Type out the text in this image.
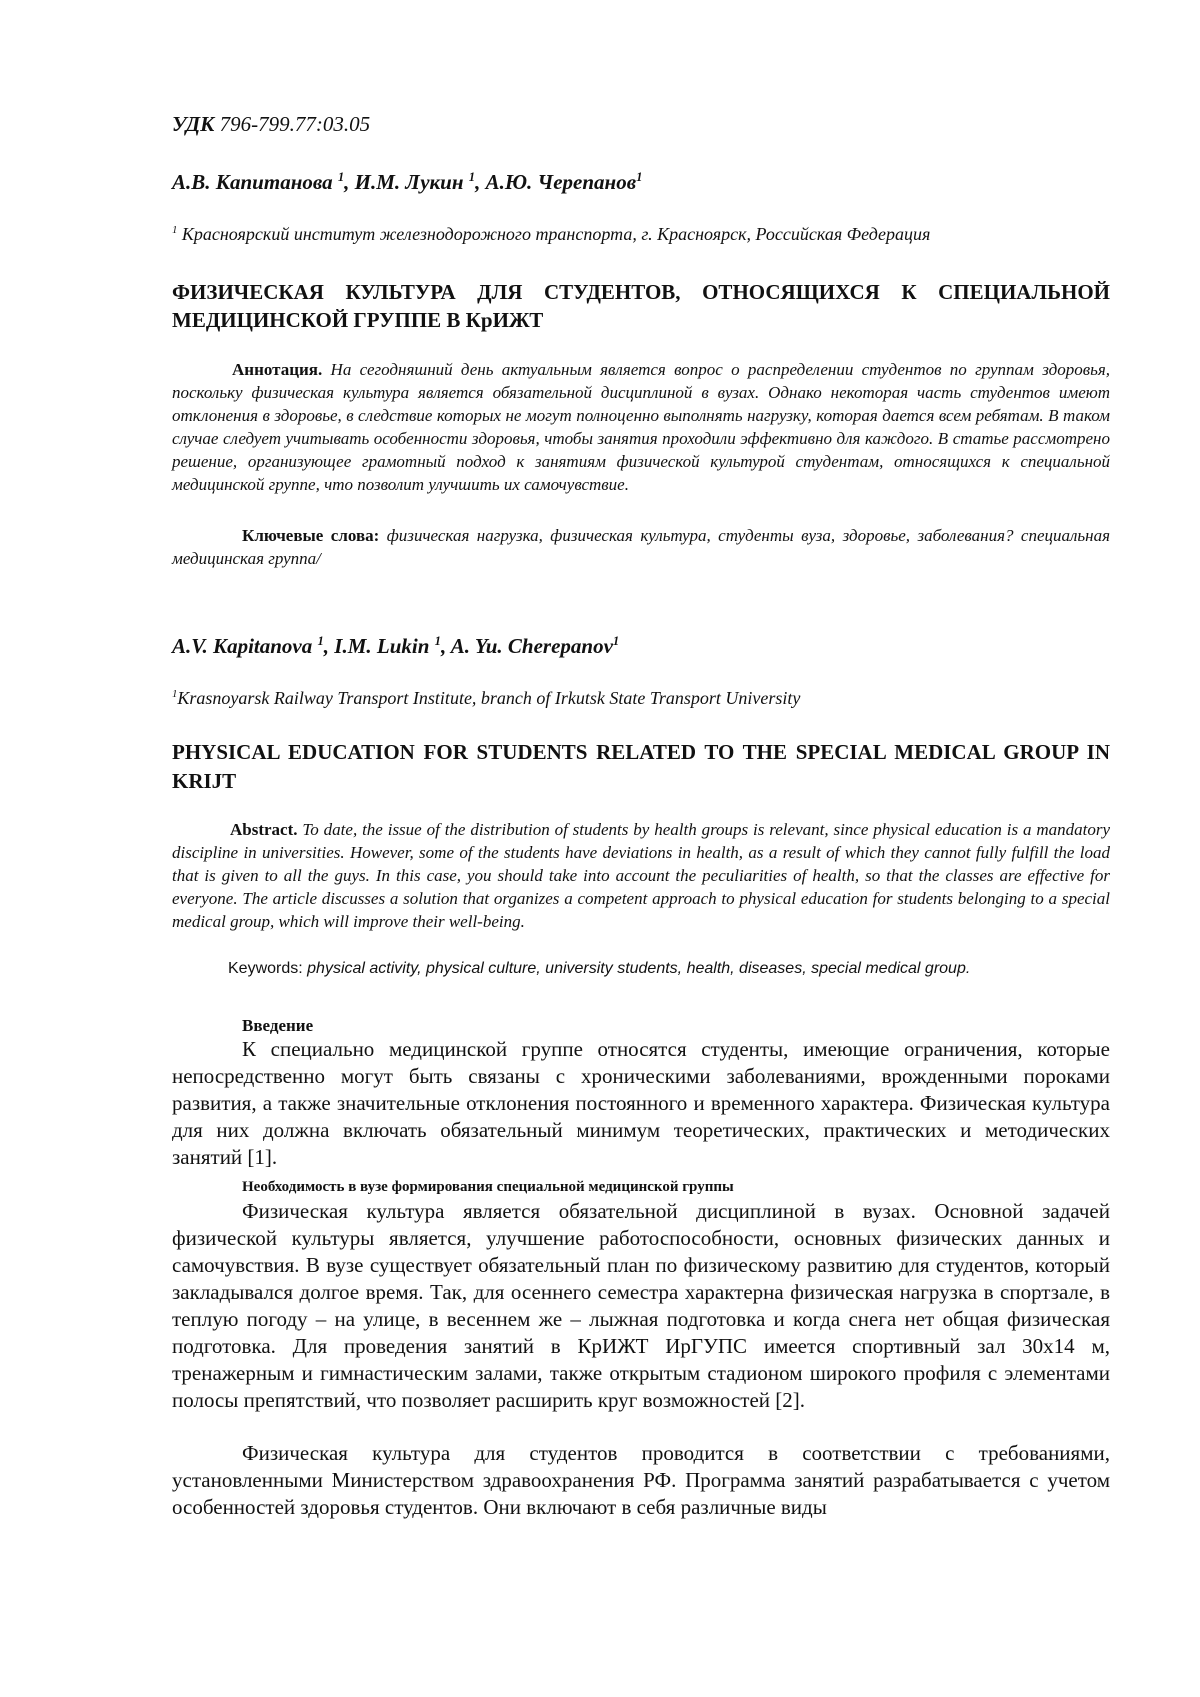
УДК 796-799.77:03.05
А.В. Капитанова $^1$, И.М. Лукин $^1$, А.Ю. Черепанов$^1$
$^1$ Красноярский институт железнодорожного транспорта, г. Красноярск, Российская Федерация
ФИЗИЧЕСКАЯ КУЛЬТУРА ДЛЯ СТУДЕНТОВ, ОТНОСЯЩИХСЯ К СПЕЦИАЛЬНОЙ МЕДИЦИНСКОЙ ГРУППЕ В КрИЖТ
Аннотация. На сегодняшний день актуальным является вопрос о распределении студентов по группам здоровья, поскольку физическая культура является обязательной дисциплиной в вузах. Однако некоторая часть студентов имеют отклонения в здоровье, в следствие которых не могут полноценно выполнять нагрузку, которая дается всем ребятам. В таком случае следует учитывать особенности здоровья, чтобы занятия проходили эффективно для каждого. В статье рассмотрено решение, организующее грамотный подход к занятиям физической культурой студентам, относящихся к специальной медицинской группе, что позволит улучшить их самочувствие.
Ключевые слова: физическая нагрузка, физическая культура, студенты вуза, здоровье, заболевания? специальная медицинская группа/
A.V. Kapitanova $^1$, I.M. Lukin $^1$, A. Yu. Cherepanov$^1$
$^1$Krasnoyarsk Railway Transport Institute, branch of Irkutsk State Transport University
PHYSICAL EDUCATION FOR STUDENTS RELATED TO THE SPECIAL MEDICAL GROUP IN KRIJT
Abstract. To date, the issue of the distribution of students by health groups is relevant, since physical education is a mandatory discipline in universities. However, some of the students have deviations in health, as a result of which they cannot fully fulfill the load that is given to all the guys. In this case, you should take into account the peculiarities of health, so that the classes are effective for everyone. The article discusses a solution that organizes a competent approach to physical education for students belonging to a special medical group, which will improve their well-being.
Keywords: physical activity, physical culture, university students, health, diseases, special medical group.
Введение
К специально медицинской группе относятся студенты, имеющие ограничения, которые непосредственно могут быть связаны с хроническими заболеваниями, врожденными пороками развития, а также значительные отклонения постоянного и временного характера. Физическая культура для них должна включать обязательный минимум теоретических, практических и методических занятий [1].
Необходимость в вузе формирования специальной медицинской группы
Физическая культура является обязательной дисциплиной в вузах. Основной задачей физической культуры является, улучшение работоспособности, основных физических данных и самочувствия. В вузе существует обязательный план по физическому развитию для студентов, который закладывался долгое время. Так, для осеннего семестра характерна физическая нагрузка в спортзале, в теплую погоду – на улице, в весеннем же – лыжная подготовка и когда снега нет общая физическая подготовка. Для проведения занятий в КрИЖТ ИрГУПС имеется спортивный зал 30x14 м, тренажерным и гимнастическим залами, также открытым стадионом широкого профиля с элементами полосы препятствий, что позволяет расширить круг возможностей [2].
Физическая культура для студентов проводится в соответствии с требованиями, установленными Министерством здравоохранения РФ. Программа занятий разрабатывается с учетом особенностей здоровья студентов. Они включают в себя различные виды
